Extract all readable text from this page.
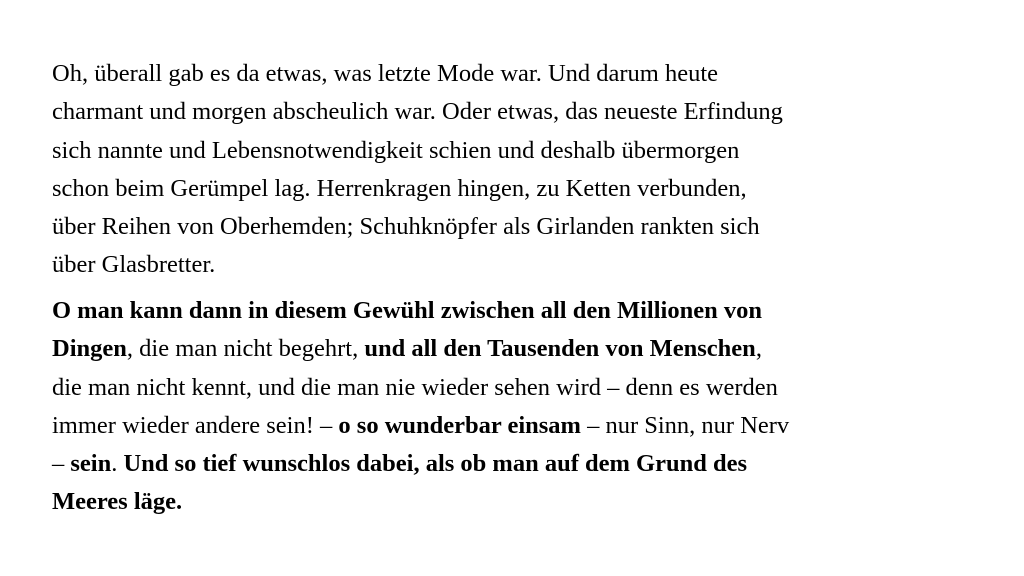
Oh, überall gab es da etwas, was letzte Mode war. Und darum heute
charmant und morgen abscheulich war. Oder etwas, das neueste Erfindung
sich nannte und Lebensnotwendigkeit schien und deshalb übermorgen
schon beim Gerümpel lag. Herrenkragen hingen, zu Ketten verbunden,
über Reihen von Oberhemden; Schuhknöpfer als Girlanden rankten sich
über Glasbretter.

O man kann dann in diesem Gewühl zwischen all den Millionen von
Dingen, die man nicht begehrt, und all den Tausenden von Menschen,
die man nicht kennt, und die man nie wieder sehen wird – denn es werden
immer wieder andere sein! – o so wunderbar einsam – nur Sinn, nur Nerv
– sein. Und so tief wunschlos dabei, als ob man auf dem Grund des
Meeres läge.
